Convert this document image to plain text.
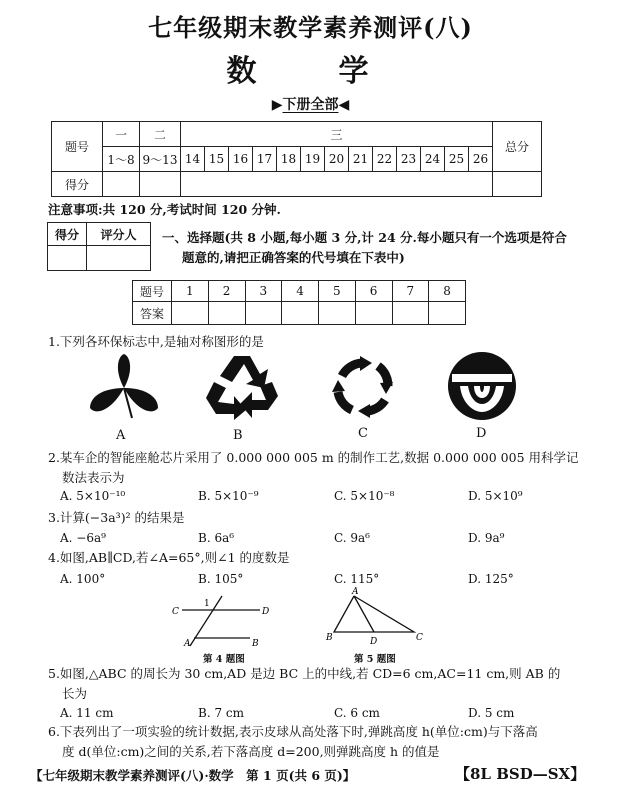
七年级期末教学素养测评(八)
数　学
▶下册全部◀
题号	一	二	三													总分
	1～8	9～13	14	15	16	17	18	19	20	21	22	23	24	25	26	
得分																
注意事项:共 120 分,考试时间 120 分钟.
得分	评分人
	一、选择题(共 8 小题,每小题 3 分,计 24 分.每小题只有一个选项是符合
题意的,请把正确答案的代号填在下表中)
题号	1	2	3	4	5	6	7	8
答案								
1.下列各环保标志中,是轴对称图形的是
A	B	C	D
2.某车企的智能座舱芯片采用了 0.000 000 005 m 的制作工艺,数据 0.000 000 005 用科学记
数法表示为
A. 5×10⁻¹⁰	B. 5×10⁻⁹	C. 5×10⁻⁸	D. 5×10⁹
3.计算(−3a³)² 的结果是
A. −6a⁹	B. 6a⁶	C. 9a⁶	D. 9a⁹
4.如图,AB∥CD,若∠A=65°,则∠1 的度数是
A. 100°	B. 105°	C. 115°	D. 125°
C	D
A	B
1
第 4 题图
A
B	C
D
第 5 题图
5.如图,△ABC 的周长为 30 cm,AD 是边 BC 上的中线,若 CD=6 cm,AC=11 cm,则 AB 的
长为
A. 11 cm	B. 7 cm	C. 6 cm	D. 5 cm
6.下表列出了一项实验的统计数据,表示皮球从高处落下时,弹跳高度 h(单位:cm)与下落高
度 d(单位:cm)之间的关系,若下落高度 d=200,则弹跳高度 h 的值是
【七年级期末教学素养测评(八)·数学　第 1 页(共 6 页)】	【8L BSD—SX】
